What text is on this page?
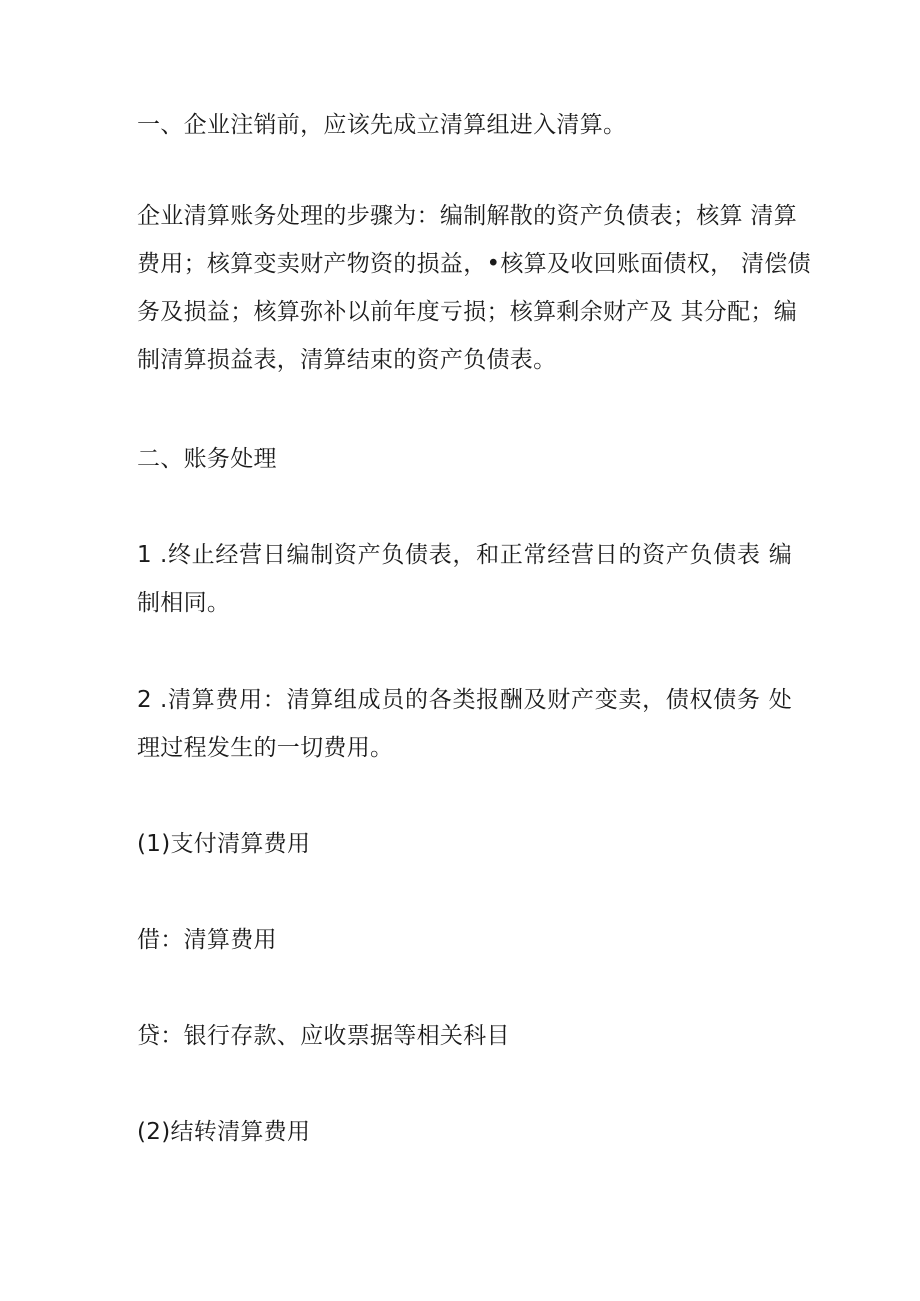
一、企业注销前，应该先成立清算组进入清算。

企业清算账务处理的步骤为：编制解散的资产负债表；核算 清算
费用；核算变卖财产物资的损益，•核算及收回账面债权， 清偿债
务及损益；核算弥补以前年度亏损；核算剩余财产及 其分配；编
制清算损益表，清算结束的资产负债表。

二、账务处理

1 .终止经营日编制资产负债表，和正常经营日的资产负债表 编
制相同。

2 .清算费用：清算组成员的各类报酬及财产变卖，债权债务 处
理过程发生的一切费用。

(1)支付清算费用

借：清算费用

贷：银行存款、应收票据等相关科目

(2)结转清算费用
